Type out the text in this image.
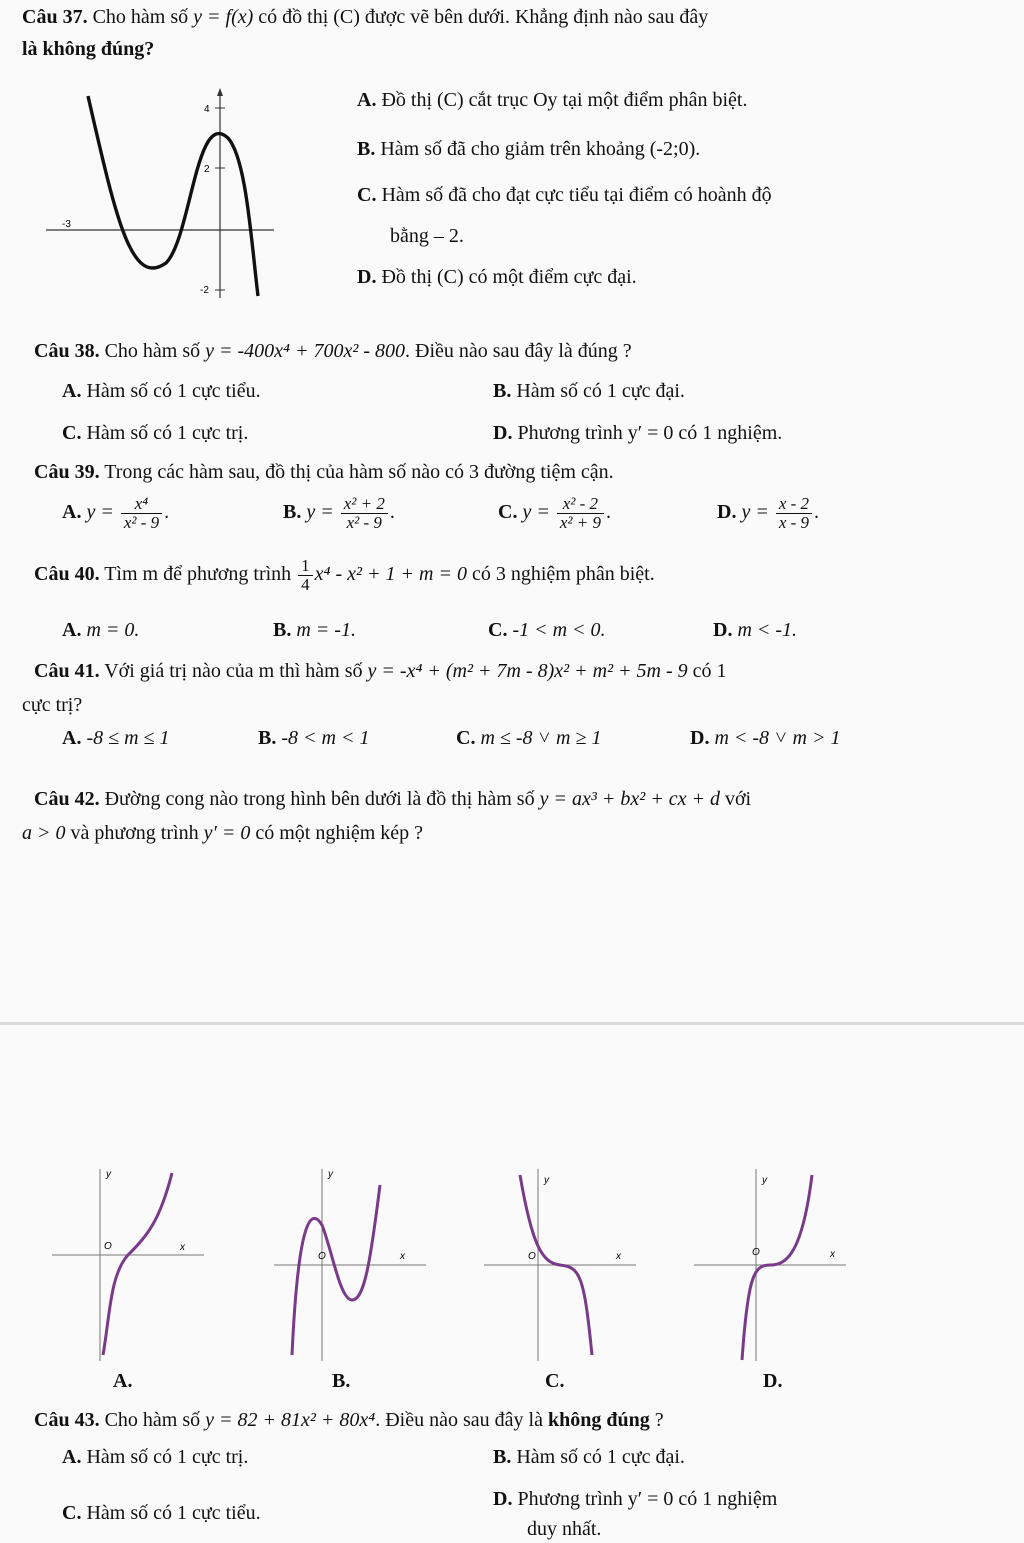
Câu 37. Cho hàm số y = f(x) có đồ thị (C) được vẽ bên dưới. Khẳng định nào sau đây
là không đúng?
4
2
-2
-3
A. Đồ thị (C) cắt trục Oy tại một điểm phân biệt.
B. Hàm số đã cho giảm trên khoảng (-2;0).
C. Hàm số đã cho đạt cực tiểu tại điểm có hoành độ
bằng – 2.
D. Đồ thị (C) có một điểm cực đại.
Câu 38. Cho hàm số y = -400x⁴ + 700x² - 800. Điều nào sau đây là đúng ?
A. Hàm số có 1 cực tiểu.	B. Hàm số có 1 cực đại.
C. Hàm số có 1 cực trị.	D. Phương trình y′ = 0 có 1 nghiệm.
Câu 39. Trong các hàm sau, đồ thị của hàm số nào có 3 đường tiệm cận.
A. $y = \frac{\text{x⁴}}{\text{x² - 9}}$ .	B. $y = \frac{\text{x² + 2}}{\text{x² - 9}}$ .	C. $y = \frac{\text{x² - 2}}{\text{x² + 9}}$ .	D. $y = \frac{x - 2}{x - 9}$ .
Câu 40. Tìm m để phương trình $\frac{1}{4} x^4 - x^2 + 1 + m = 0$ có 3 nghiệm phân biệt.
A. m = 0.	B. m = -1.	C. -1 < m < 0.	D. m < -1.
Câu 41. Với giá trị nào của m thì hàm số y = -x⁴ + (m² + 7m - 8)x² + m² + 5m - 9 có 1
cực trị?
A. -8 ≤ m ≤ 1	B. -8 < m < 1	C. m ≤ -8 ˅ m ≥ 1	D. m < -8 ˅ m > 1
Câu 42. Đường cong nào trong hình bên dưới là đồ thị hàm số y = ax³ + bx² + cx + d với
a > 0 và phương trình y′ = 0 có một nghiệm kép ?
y
x
O
y
x
O
y
x
O
y
x
O
A.	B.	C.	D.
Câu 43. Cho hàm số y = 82 + 81x² + 80x⁴. Điều nào sau đây là không đúng ?
A. Hàm số có 1 cực trị.	B. Hàm số có 1 cực đại.
C. Hàm số có 1 cực tiểu.
D. Phương trình y′ = 0 có 1 nghiệm
duy nhất.
